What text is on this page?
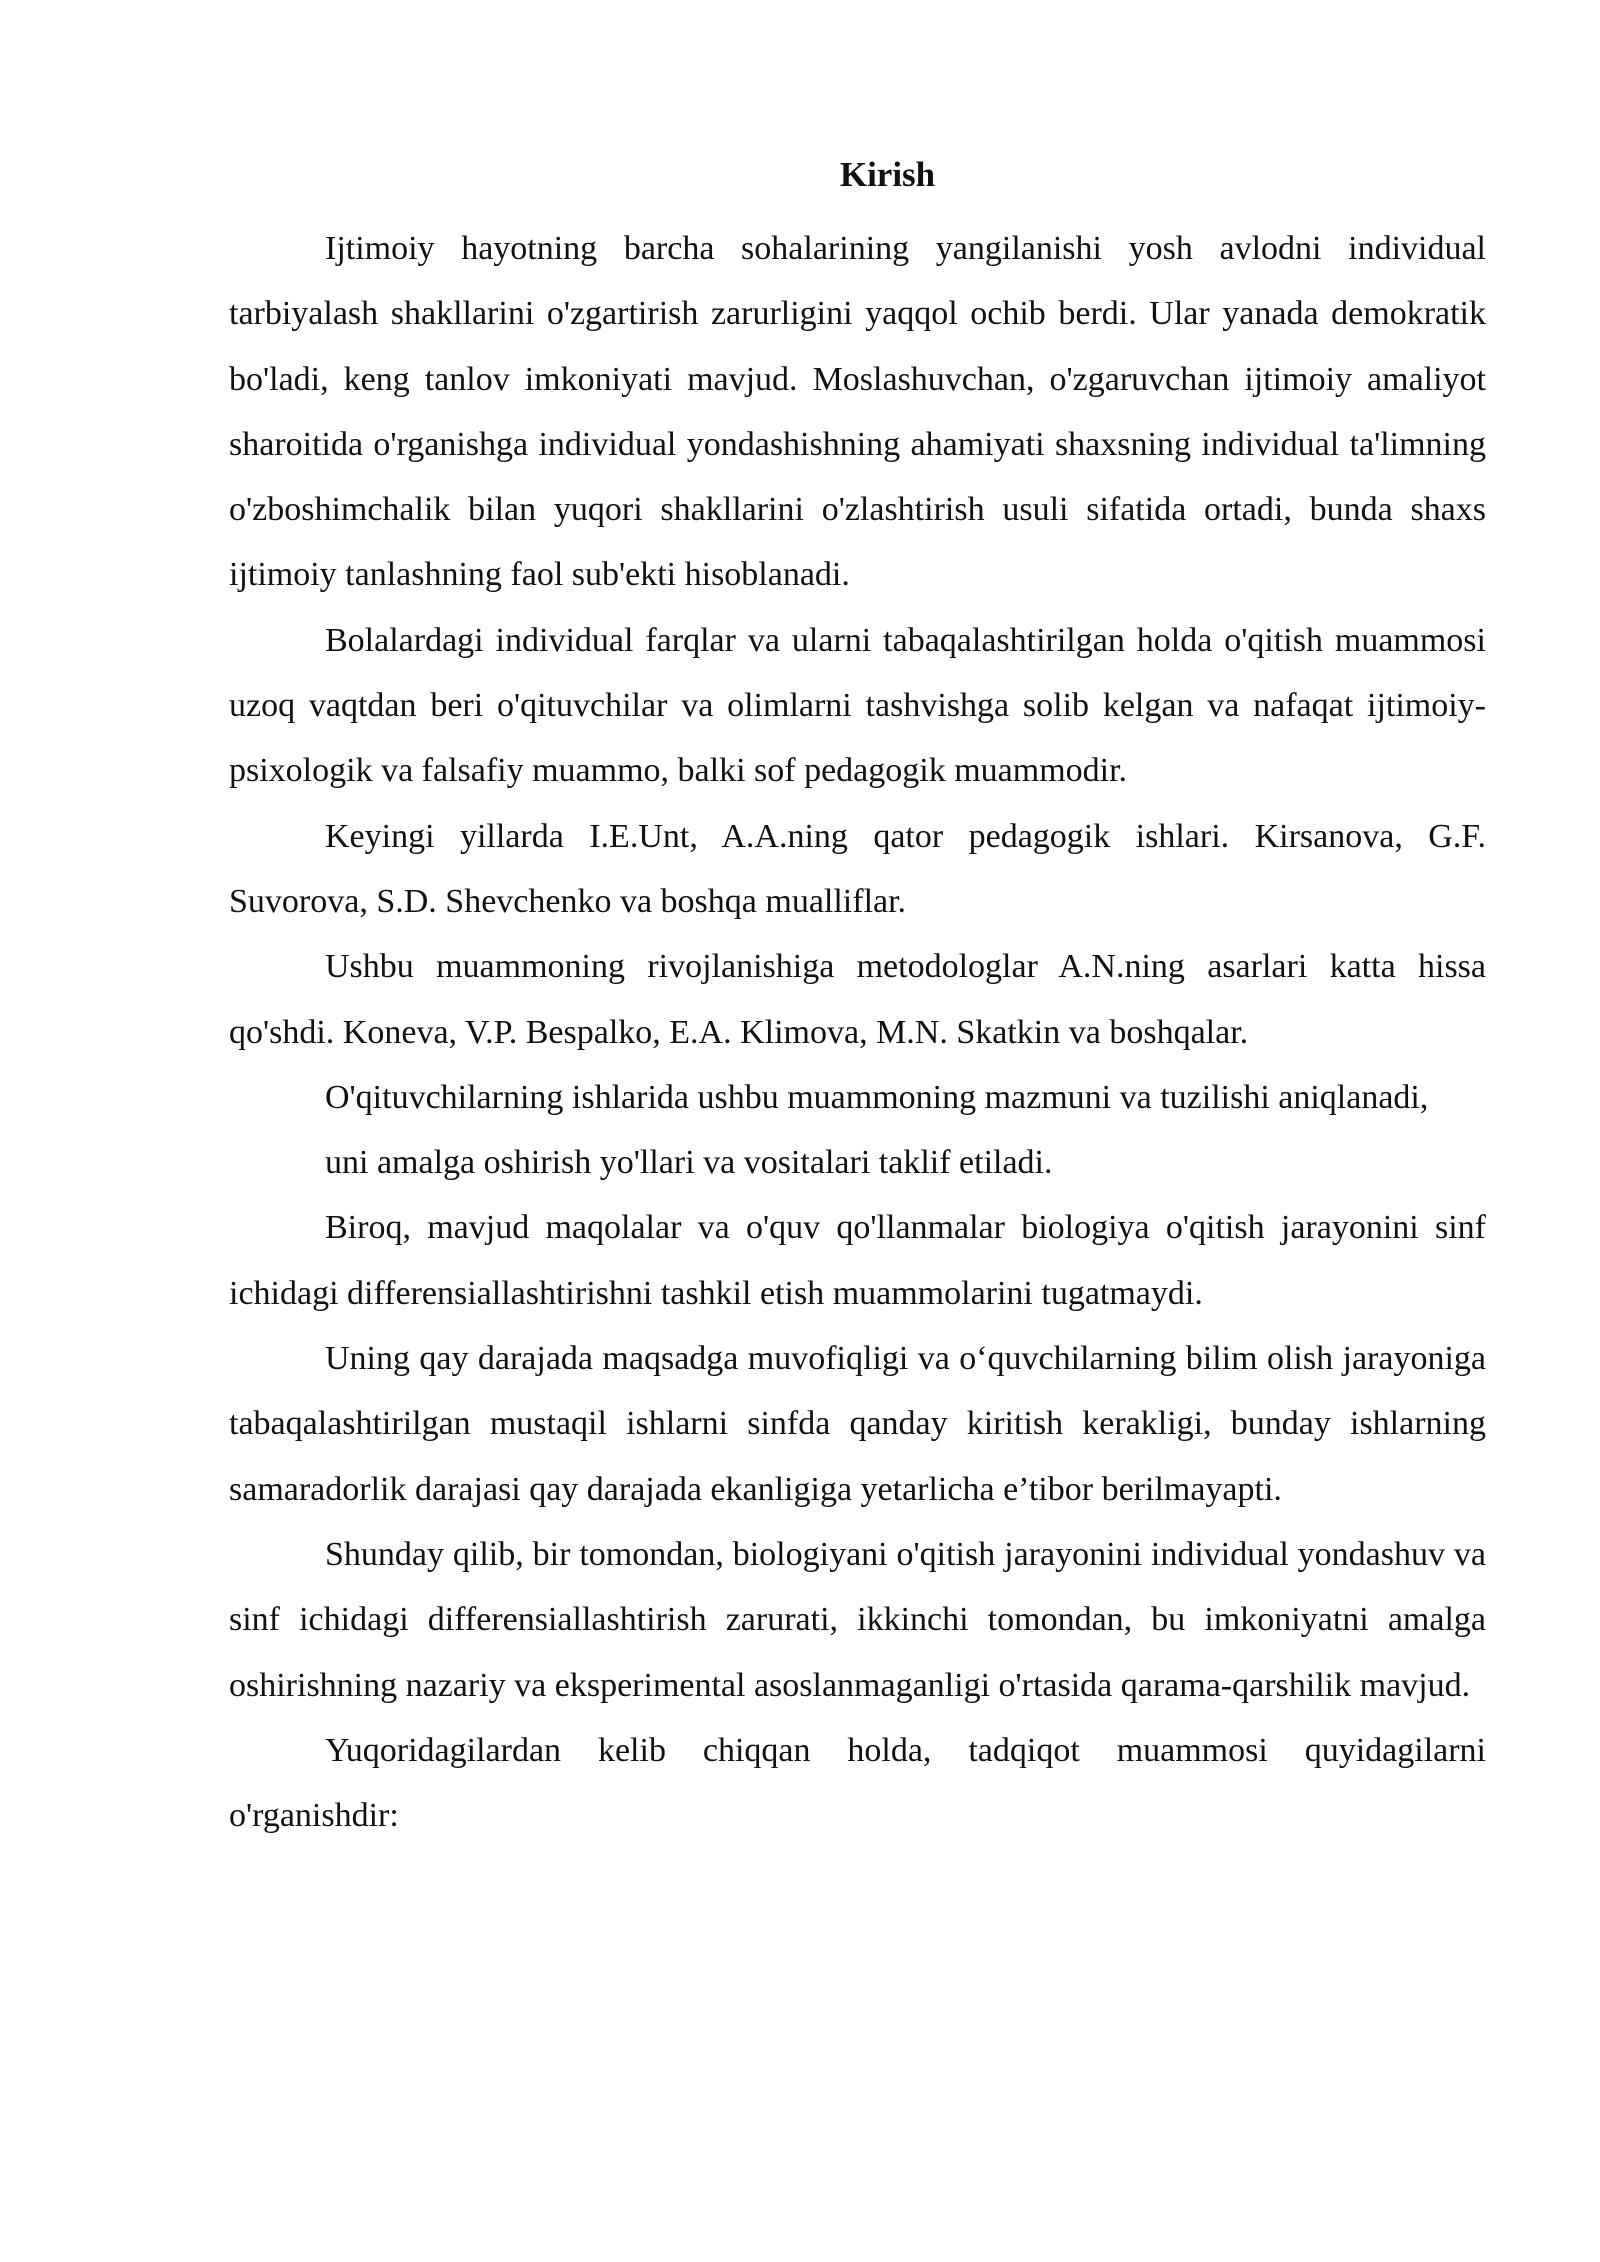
Kirish

Ijtimoiy hayotning barcha sohalarining yangilanishi yosh avlodni individual tarbiyalash shakllarini o'zgartirish zarurligini yaqqol ochib berdi. Ular yanada demokratik bo'ladi, keng tanlov imkoniyati mavjud. Moslashuvchan, o'zgaruvchan ijtimoiy amaliyot sharoitida o'rganishga individual yondashishning ahamiyati shaxsning individual ta'limning o'zboshimchalik bilan yuqori shakllarini o'zlashtirish usuli sifatida ortadi, bunda shaxs ijtimoiy tanlashning faol sub'ekti hisoblanadi.

Bolalardagi individual farqlar va ularni tabaqalashtirilgan holda o'qitish muammosi uzoq vaqtdan beri o'qituvchilar va olimlarni tashvishga solib kelgan va nafaqat ijtimoiy-psixologik va falsafiy muammo, balki sof pedagogik muammodir.

Keyingi yillarda I.E.Unt, A.A.ning qator pedagogik ishlari. Kirsanova, G.F. Suvorova, S.D. Shevchenko va boshqa mualliflar.

Ushbu muammoning rivojlanishiga metodologlar A.N.ning asarlari katta hissa qo'shdi. Koneva, V.P. Bespalko, E.A. Klimova, M.N. Skatkin va boshqalar.

O'qituvchilarning ishlarida ushbu muammoning mazmuni va tuzilishi aniqlanadi,

uni amalga oshirish yo'llari va vositalari taklif etiladi.

Biroq, mavjud maqolalar va o'quv qo'llanmalar biologiya o'qitish jarayonini sinf ichidagi differensiallashtirishni tashkil etish muammolarini tugatmaydi.

Uning qay darajada maqsadga muvofiqligi va o‘quvchilarning bilim olish jarayoniga tabaqalashtirilgan mustaqil ishlarni sinfda qanday kiritish kerakligi, bunday ishlarning samaradorlik darajasi qay darajada ekanligiga yetarlicha e’tibor berilmayapti.

Shunday qilib, bir tomondan, biologiyani o'qitish jarayonini individual yondashuv va sinf ichidagi differensiallashtirish zarurati, ikkinchi tomondan, bu imkoniyatni amalga oshirishning nazariy va eksperimental asoslanmaganligi o'rtasida qarama-qarshilik mavjud.

Yuqoridagilardan kelib chiqqan holda, tadqiqot muammosi quyidagilarni o'rganishdir:
